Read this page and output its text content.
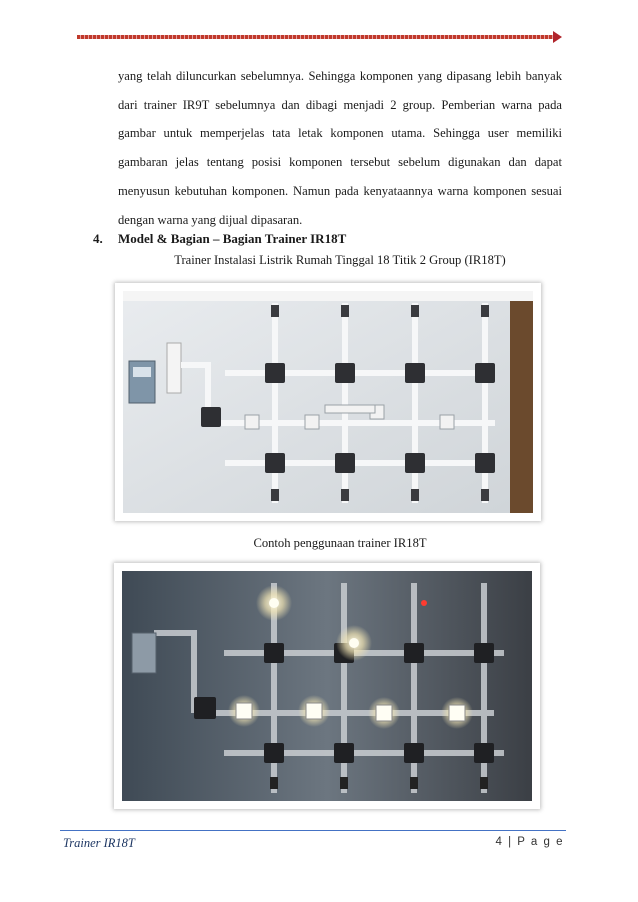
yang telah diluncurkan sebelumnya. Sehingga komponen yang dipasang lebih banyak dari trainer IR9T sebelumnya dan dibagi menjadi 2 group. Pemberian warna pada gambar untuk memperjelas tata letak komponen utama. Sehingga user memiliki gambaran jelas tentang posisi komponen tersebut sebelum digunakan dan dapat menyusun kebutuhan komponen. Namun pada kenyataannya warna komponen sesuai dengan warna yang dijual dipasaran.

4. Model & Bagian – Bagian Trainer IR18T

Trainer Instalasi Listrik Rumah Tinggal 18 Titik 2 Group (IR18T)

Contoh penggunaan trainer IR18T

Trainer IR18T	4 | P a g e
